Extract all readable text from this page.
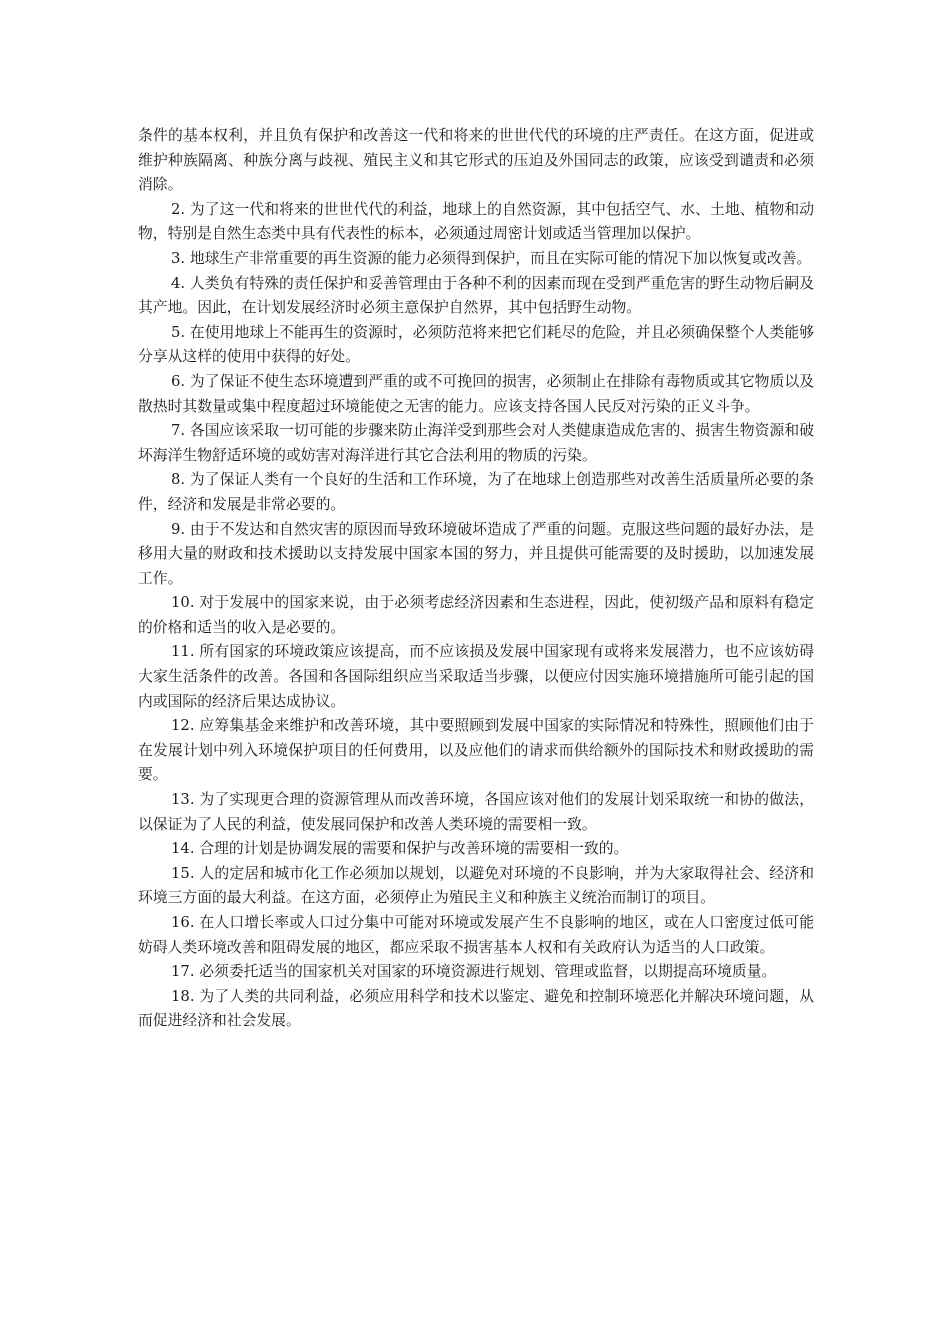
条件的基本权利，并且负有保护和改善这一代和将来的世世代代的环境的庄严责任。在这方面，促进或维护种族隔离、种族分离与歧视、殖民主义和其它形式的压迫及外国同志的政策，应该受到谴责和必须消除。

2. 为了这一代和将来的世世代代的利益，地球上的自然资源，其中包括空气、水、土地、植物和动物，特别是自然生态类中具有代表性的标本，必须通过周密计划或适当管理加以保护。

3. 地球生产非常重要的再生资源的能力必须得到保护，而且在实际可能的情况下加以恢复或改善。

4. 人类负有特殊的责任保护和妥善管理由于各种不利的因素而现在受到严重危害的野生动物后嗣及其产地。因此，在计划发展经济时必须主意保护自然界，其中包括野生动物。

5. 在使用地球上不能再生的资源时，必须防范将来把它们耗尽的危险，并且必须确保整个人类能够分享从这样的使用中获得的好处。

6. 为了保证不使生态环境遭到严重的或不可挽回的损害，必须制止在排除有毒物质或其它物质以及散热时其数量或集中程度超过环境能使之无害的能力。应该支持各国人民反对污染的正义斗争。

7. 各国应该采取一切可能的步骤来防止海洋受到那些会对人类健康造成危害的、损害生物资源和破坏海洋生物舒适环境的或妨害对海洋进行其它合法利用的物质的污染。

8. 为了保证人类有一个良好的生活和工作环境，为了在地球上创造那些对改善生活质量所必要的条件，经济和发展是非常必要的。

9. 由于不发达和自然灾害的原因而导致环境破坏造成了严重的问题。克服这些问题的最好办法，是移用大量的财政和技术援助以支持发展中国家本国的努力，并且提供可能需要的及时援助，以加速发展工作。

10. 对于发展中的国家来说，由于必须考虑经济因素和生态进程，因此，使初级产品和原料有稳定的价格和适当的收入是必要的。

11. 所有国家的环境政策应该提高，而不应该损及发展中国家现有或将来发展潜力，也不应该妨碍大家生活条件的改善。各国和各国际组织应当采取适当步骤，以便应付因实施环境措施所可能引起的国内或国际的经济后果达成协议。

12. 应筹集基金来维护和改善环境，其中要照顾到发展中国家的实际情况和特殊性，照顾他们由于在发展计划中列入环境保护项目的任何费用，以及应他们的请求而供给额外的国际技术和财政援助的需要。

13. 为了实现更合理的资源管理从而改善环境，各国应该对他们的发展计划采取统一和协的做法，以保证为了人民的利益，使发展同保护和改善人类环境的需要相一致。

14. 合理的计划是协调发展的需要和保护与改善环境的需要相一致的。

15. 人的定居和城市化工作必须加以规划，以避免对环境的不良影响，并为大家取得社会、经济和环境三方面的最大利益。在这方面，必须停止为殖民主义和种族主义统治而制订的项目。

16. 在人口增长率或人口过分集中可能对环境或发展产生不良影响的地区，或在人口密度过低可能妨碍人类环境改善和阻碍发展的地区，都应采取不损害基本人权和有关政府认为适当的人口政策。

17. 必须委托适当的国家机关对国家的环境资源进行规划、管理或监督，以期提高环境质量。

18. 为了人类的共同利益，必须应用科学和技术以鉴定、避免和控制环境恶化并解决环境问题，从而促进经济和社会发展。
